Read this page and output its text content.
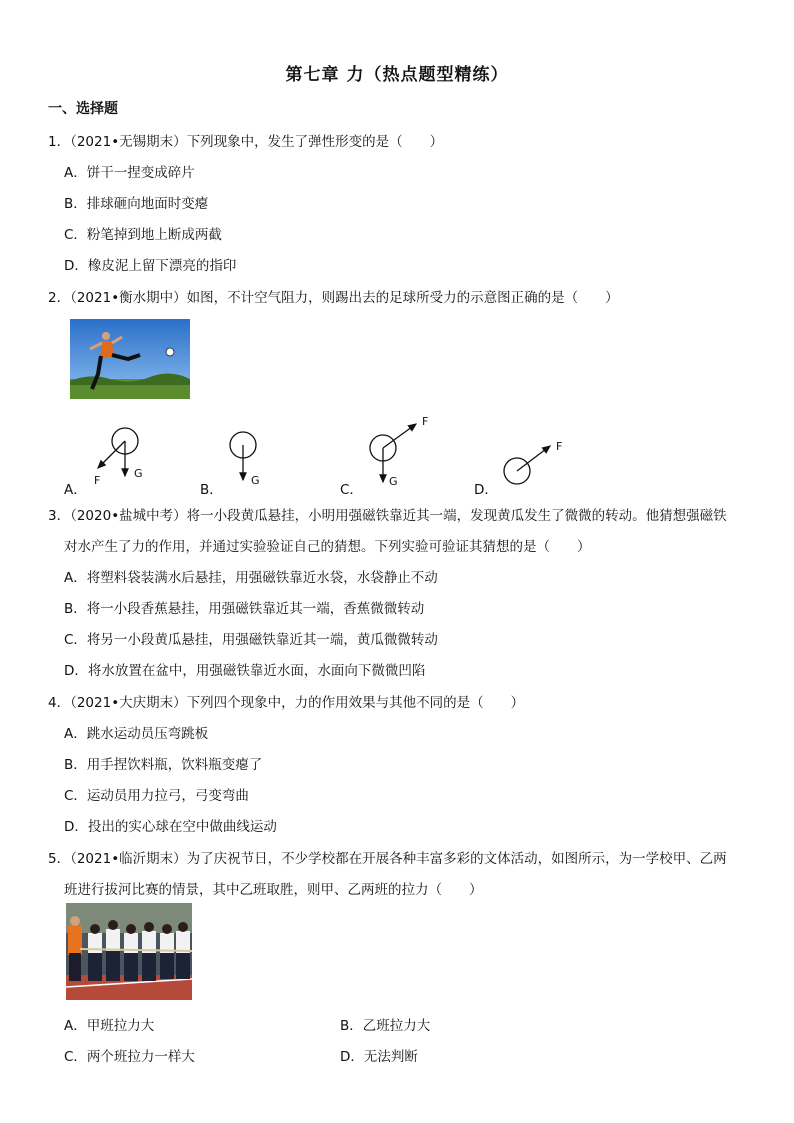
第七章 力（热点题型精练）
一、选择题
1．（2021•无锡期末）下列现象中，发生了弹性形变的是（　　）
A．饼干一捏变成碎片
B．排球砸向地面时变瘪
C．粉笔掉到地上断成两截
D．橡皮泥上留下漂亮的指印
2．（2021•衡水期中）如图，不计空气阻力，则踢出去的足球所受力的示意图正确的是（　　）
A．	B．	C．	D．
F
G
G	G
F
F
3．（2020•盐城中考）将一小段黄瓜悬挂，小明用强磁铁靠近其一端，发现黄瓜发生了微微的转动。他猜想强磁铁
对水产生了力的作用，并通过实验验证自己的猜想。下列实验可验证其猜想的是（　　）
A．将塑料袋装满水后悬挂，用强磁铁靠近水袋，水袋静止不动
B．将一小段香蕉悬挂，用强磁铁靠近其一端，香蕉微微转动
C．将另一小段黄瓜悬挂，用强磁铁靠近其一端，黄瓜微微转动
D．将水放置在盆中，用强磁铁靠近水面，水面向下微微凹陷
4．（2021•大庆期末）下列四个现象中，力的作用效果与其他不同的是（　　）
A．跳水运动员压弯跳板
B．用手捏饮料瓶，饮料瓶变瘪了
C．运动员用力拉弓，弓变弯曲
D．投出的实心球在空中做曲线运动
5．（2021•临沂期末）为了庆祝节日，不少学校都在开展各种丰富多彩的文体活动，如图所示，为一学校甲、乙两
班进行拔河比赛的情景，其中乙班取胜，则甲、乙两班的拉力（　　）
A．甲班拉力大	B．乙班拉力大
C．两个班拉力一样大	D．无法判断
